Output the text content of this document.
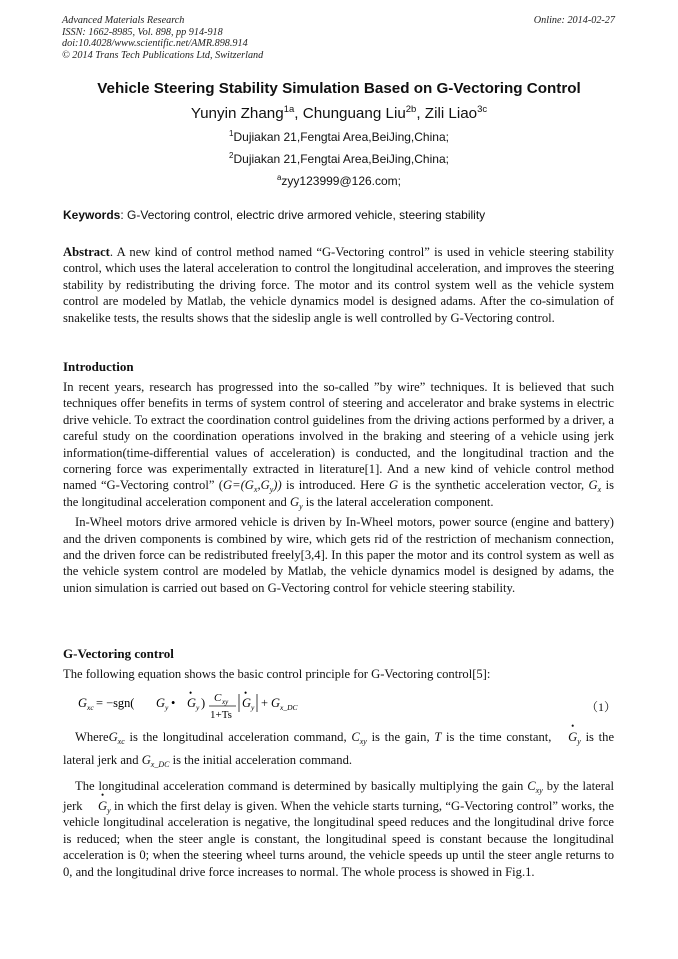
Advanced Materials Research
ISSN: 1662-8985, Vol. 898, pp 914-918
doi:10.4028/www.scientific.net/AMR.898.914
© 2014 Trans Tech Publications Ltd, Switzerland
Online: 2014-02-27
Vehicle Steering Stability Simulation Based on G-Vectoring Control
Yunyin Zhang$^{1a}$, Chunguang Liu$^{2b}$, Zili Liao$^{3c}$
$^1$Dujiakan 21,Fengtai Area,BeiJing,China;
$^2$Dujiakan 21,Fengtai Area,BeiJing,China;
$^a$zyy123999@126.com;
Keywords: G-Vectoring control, electric drive armored vehicle, steering stability

Abstract. A new kind of control method named “G-Vectoring control” is used in vehicle steering stability control, which uses the lateral acceleration to control the longitudinal acceleration, and improves the steering stability by redistributing the driving force. The motor and its control system well as the vehicle system control are modeled by Matlab, the vehicle dynamics model is designed adams. After the co-simulation of snakelike tests, the results shows that the sideslip angle is well controlled by G-Vectoring control.

Introduction

In recent years, research has progressed into the so-called ”by wire” techniques. It is believed that such techniques offer benefits in terms of system control of steering and accelerator and brake systems in electric drive vehicle. To extract the coordination control guidelines from the driving actions performed by a driver, a careful study on the coordination operations involved in the braking and steering of a vehicle using jerk information(time-differential values of acceleration) is conducted, and the longitudinal traction and the cornering force was experimentally extracted in literature[1]. And a new kind of vehicle control method named “G-Vectoring control” $(G=(G_x,G_y))$ is introduced. Here G is the synthetic acceleration vector, $G_x$ is the longitudinal acceleration component and $G_y$ is the lateral acceleration component.

In-Wheel motors drive armored vehicle is driven by In-Wheel motors, power source (engine and battery) and the driven components is combined by wire, which gets rid of the restriction of mechanism connection, and the driven force can be redistributed freely[3,4]. In this paper the motor and its control system as well as the vehicle system control are modeled by Matlab, the vehicle dynamics model is designed by adams, the union simulation is carried out based on G-Vectoring control for vehicle steering stability.

G-Vectoring control

The following equation shows the basic control principle for G-Vectoring control[5]:

G xc = −sgn( G y •
•
G y ) C xy
1+Ts
•
G y + G x_DC	（1）

WhereG$_{xc}$ is the longitudinal acceleration command, $C_{xy}$ is the gain, T is the time constant, • $G_y$ is the lateral jerk and $G_{x\_DC}$ is the initial acceleration command.

The longitudinal acceleration command is determined by basically multiplying the gain $C_{xy}$ by the lateral jerk • $G_y$ in which the first delay is given. When the vehicle starts turning, “G-Vectoring control” works, the vehicle longitudinal acceleration is negative, the longitudinal speed reduces and the longitudinal drive force is reduced; when the steer angle is constant, the longitudinal speed is constant because the longitudinal acceleration is 0; when the steering wheel turns around, the vehicle speeds up until the steer angle returns to 0, and the longitudinal drive force increases to normal. The whole process is showed in Fig.1.
